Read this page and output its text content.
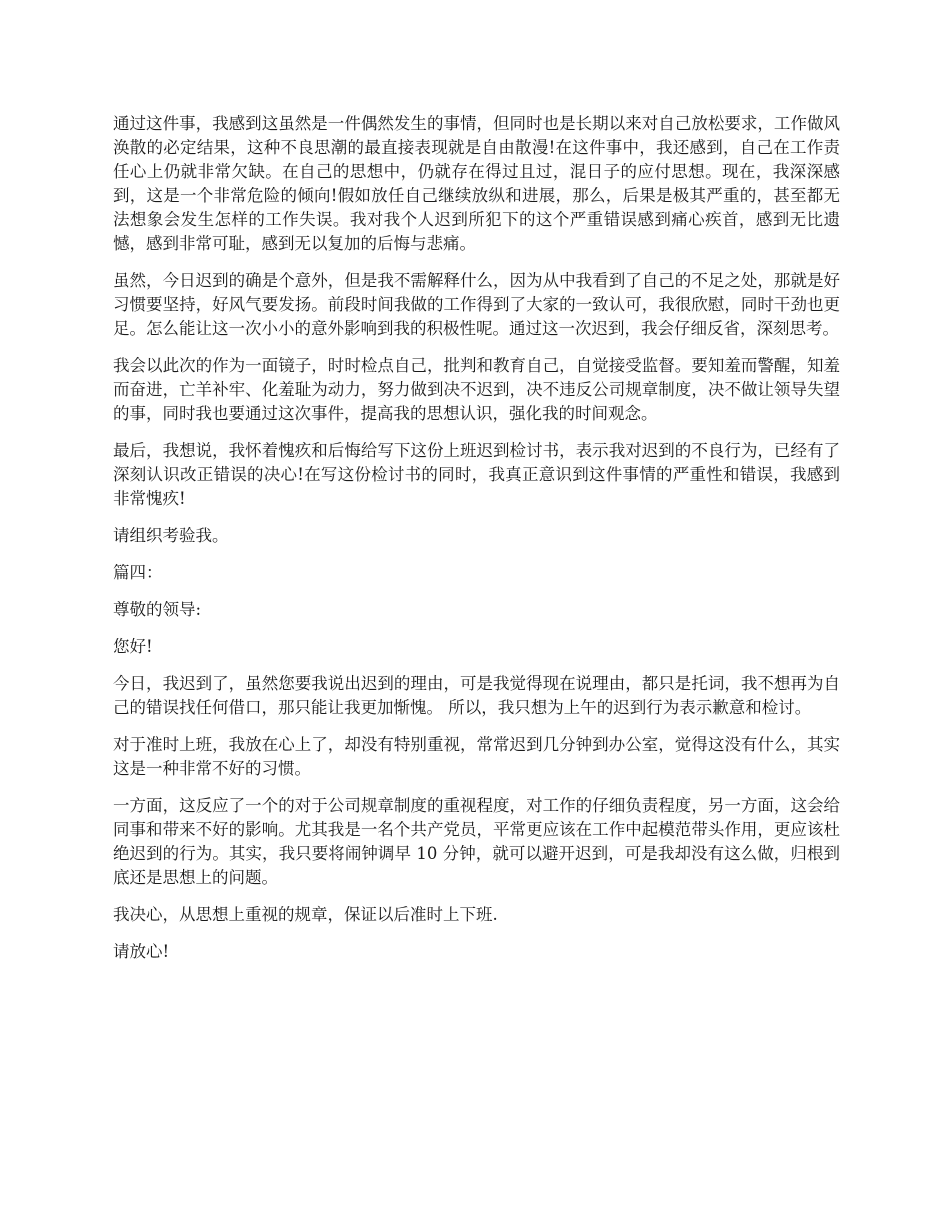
通过这件事，我感到这虽然是一件偶然发生的事情，但同时也是长期以来对自己放松要求，工作做风涣散的必定结果，这种不良思潮的最直接表现就是自由散漫!在这件事中，我还感到，自己在工作责任心上仍就非常欠缺。在自己的思想中，仍就存在得过且过，混日子的应付思想。现在，我深深感到，这是一个非常危险的倾向!假如放任自己继续放纵和进展，那么，后果是极其严重的，甚至都无法想象会发生怎样的工作失误。我对我个人迟到所犯下的这个严重错误感到痛心疾首，感到无比遗憾，感到非常可耻，感到无以复加的后悔与悲痛。

虽然，今日迟到的确是个意外，但是我不需解释什么，因为从中我看到了自己的不足之处，那就是好习惯要坚持，好风气要发扬。前段时间我做的工作得到了大家的一致认可，我很欣慰，同时干劲也更足。怎么能让这一次小小的意外影响到我的积极性呢。通过这一次迟到，我会仔细反省，深刻思考。

我会以此次的作为一面镜子，时时检点自己，批判和教育自己，自觉接受监督。要知羞而警醒，知羞而奋进，亡羊补牢、化羞耻为动力，努力做到决不迟到，决不违反公司规章制度，决不做让领导失望的事，同时我也要通过这次事件，提高我的思想认识，强化我的时间观念。

最后，我想说，我怀着愧疚和后悔给写下这份上班迟到检讨书，表示我对迟到的不良行为，已经有了深刻认识改正错误的决心!在写这份检讨书的同时，我真正意识到这件事情的严重性和错误，我感到非常愧疚!

请组织考验我。

篇四：

尊敬的领导:

您好!

今日，我迟到了，虽然您要我说出迟到的理由，可是我觉得现在说理由，都只是托词，我不想再为自己的错误找任何借口，那只能让我更加惭愧。 所以，我只想为上午的迟到行为表示歉意和检讨。

对于准时上班，我放在心上了，却没有特别重视，常常迟到几分钟到办公室，觉得这没有什么，其实这是一种非常不好的习惯。

一方面，这反应了一个的对于公司规章制度的重视程度，对工作的仔细负责程度，另一方面，这会给同事和带来不好的影响。尤其我是一名个共产党员，平常更应该在工作中起模范带头作用，更应该杜绝迟到的行为。其实，我只要将闹钟调早 10 分钟，就可以避开迟到，可是我却没有这么做，归根到底还是思想上的问题。

我决心，从思想上重视的规章，保证以后准时上下班.

请放心!
